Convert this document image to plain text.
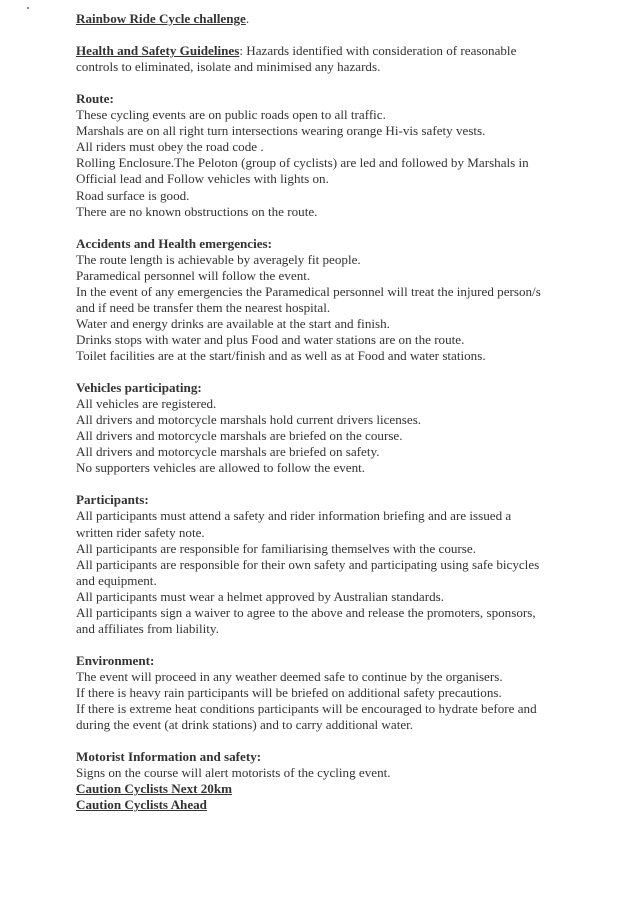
Rainbow Ride Cycle challenge.
Health and Safety Guidelines: Hazards identified with consideration of reasonable
controls to eliminated, isolate and minimised any hazards.
Route:
These cycling events are on public roads open to all traffic.
Marshals are on all right turn intersections wearing orange Hi-vis safety vests.
All riders must obey the road code .
Rolling Enclosure.The Peloton (group of cyclists) are led and followed by Marshals in
Official lead and Follow vehicles with lights on.
Road surface is good.
There are no known obstructions on the route.
Accidents and Health emergencies:
The route length is achievable by averagely fit people.
Paramedical personnel will follow the event.
In the event of any emergencies the Paramedical personnel will treat the injured person/s
and if need be transfer them the nearest hospital.
Water and energy drinks are available at the start and finish.
Drinks stops with water and plus Food and water stations are on the route.
Toilet facilities are at the start/finish and as well as at Food and water stations.
Vehicles participating:
All vehicles are registered.
All drivers and motorcycle marshals hold current drivers licenses.
All drivers and motorcycle marshals are briefed on the course.
All drivers and motorcycle marshals are briefed on safety.
No supporters vehicles are allowed to follow the event.
Participants:
All participants must attend a safety and rider information briefing and are issued a
written rider safety note.
All participants are responsible for familiarising themselves with the course.
All participants are responsible for their own safety and participating using safe bicycles
and equipment.
All participants must wear a helmet approved by Australian standards.
All participants sign a waiver to agree to the above and release the promoters, sponsors,
and affiliates from liability.
Environment:
The event will proceed in any weather deemed safe to continue by the organisers.
If there is heavy rain participants will be briefed on additional safety precautions.
If there is extreme heat conditions participants will be encouraged to hydrate before and
during the event (at drink stations) and to carry additional water.
Motorist Information and safety:
Signs on the course will alert motorists of the cycling event.
Caution Cyclists Next 20km
Caution Cyclists Ahead
